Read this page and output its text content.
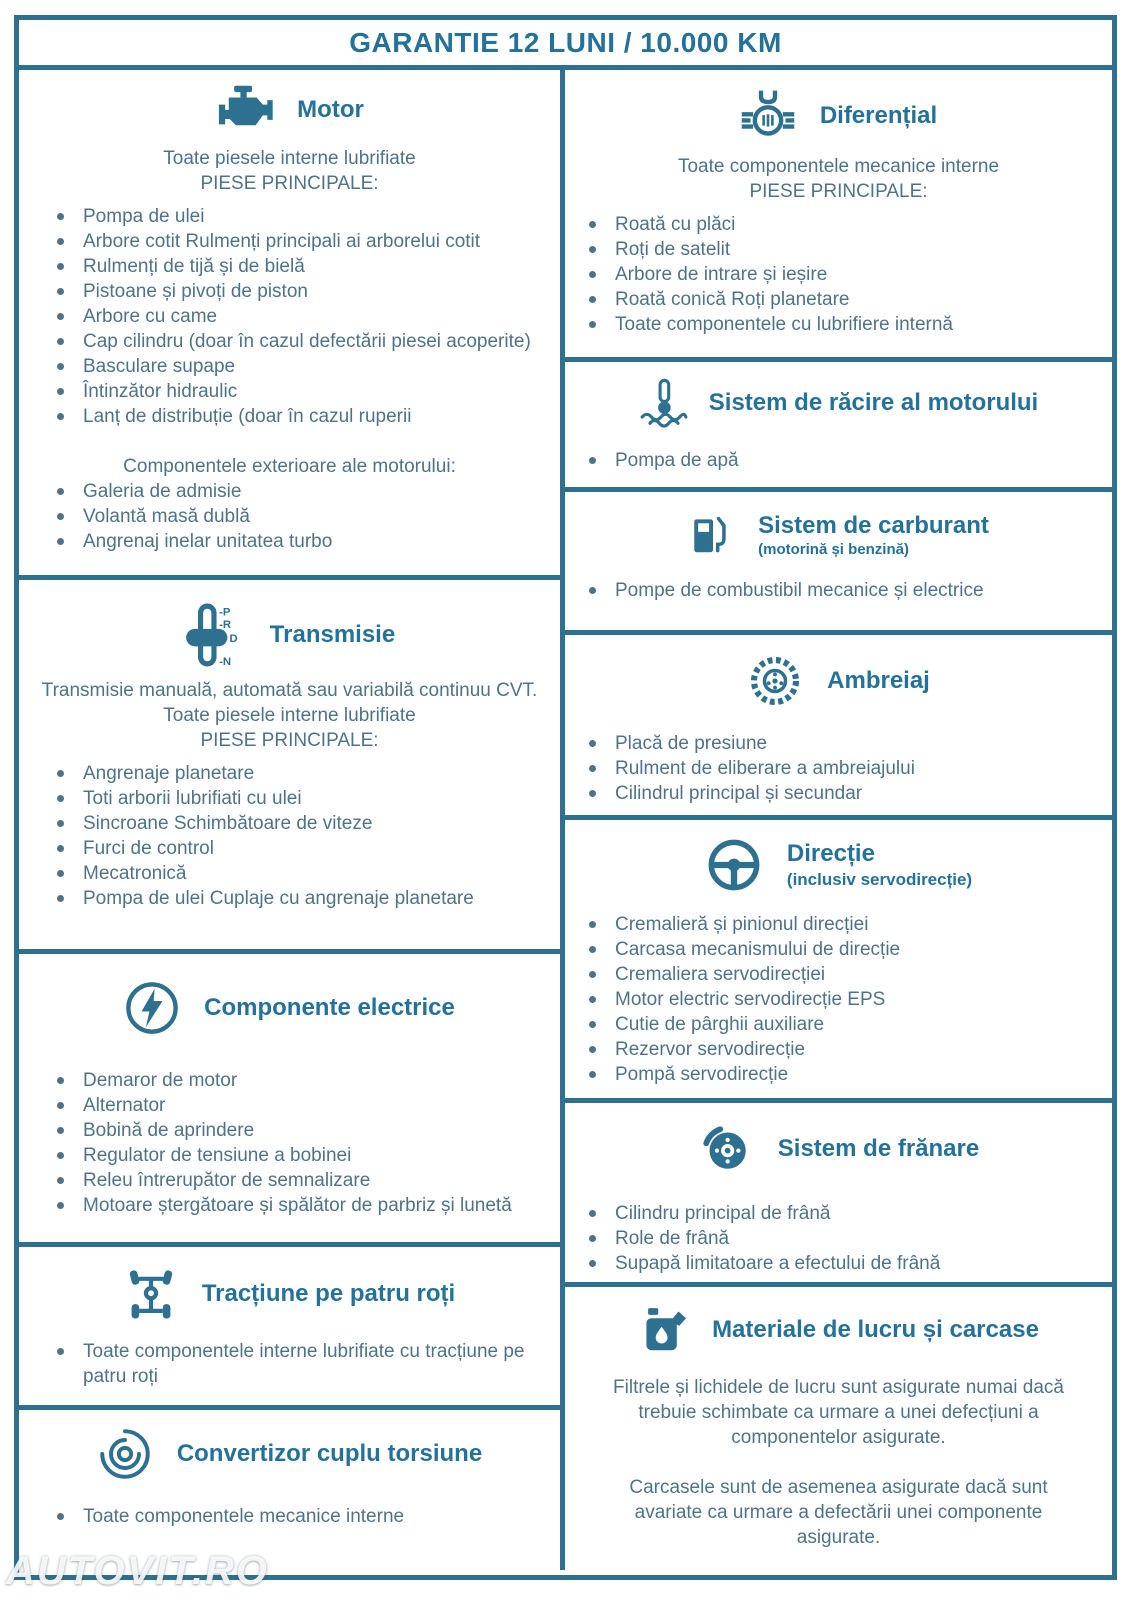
GARANTIE 12 LUNI / 10.000 KM
Motor
Toate piesele interne lubrifiate
PIESE PRINCIPALE:
Pompa de ulei
Arbore cotit Rulmenți principali ai arborelui cotit
Rulmenți de tijă și de bielă
Pistoane și pivoți de piston
Arbore cu came
Cap cilindru (doar în cazul defectării piesei acoperite)
Basculare supape
Întinzător hidraulic
Lanț de distribuție (doar în cazul ruperii
Componentele exterioare ale motorului:
Galeria de admisie
Volantă masă dublă
Angrenaj inelar unitatea turbo
-P
-R
D
-N
Transmisie
Transmisie manuală, automată sau variabilă continuu CVT.
Toate piesele interne lubrifiate
PIESE PRINCIPALE:
Angrenaje planetare
Toti arborii lubrifiati cu ulei
Sincroane Schimbătoare de viteze
Furci de control
Mecatronică
Pompa de ulei Cuplaje cu angrenaje planetare
Componente electrice
Demaror de motor
Alternator
Bobină de aprindere
Regulator de tensiune a bobinei
Releu întrerupător de semnalizare
Motoare ștergătoare și spălător de parbriz și lunetă
Tracțiune pe patru roți
Toate componentele interne lubrifiate cu tracțiune pe patru roți
Convertizor cuplu torsiune
Toate componentele mecanice interne
Diferențial
Toate componentele mecanice interne
PIESE PRINCIPALE:
Roată cu plăci
Roți de satelit
Arbore de intrare și ieșire
Roată conică Roți planetare
Toate componentele cu lubrifiere internă
Sistem de răcire al motorului
Pompa de apă
Sistem de carburant
(motorină și benzină)
Pompe de combustibil mecanice și electrice
Ambreiaj
Placă de presiune
Rulment de eliberare a ambreiajului
Cilindrul principal și secundar
Direcție
(inclusiv servodirecție)
Cremalieră și pinionul direcției
Carcasa mecanismului de direcție
Cremaliera servodirecției
Motor electric servodirecție EPS
Cutie de pârghii auxiliare
Rezervor servodirecție
Pompă servodirecție
Sistem de frănare
Cilindru principal de frână
Role de frână
Supapă limitatoare a efectului de frână
Materiale de lucru și carcase
Filtrele și lichidele de lucru sunt asigurate numai dacă trebuie schimbate ca urmare a unei defecțiuni a componentelor asigurate.
Carcasele sunt de asemenea asigurate dacă sunt avariate ca urmare a defectării unei componente asigurate.
AUTOVIT.RO
